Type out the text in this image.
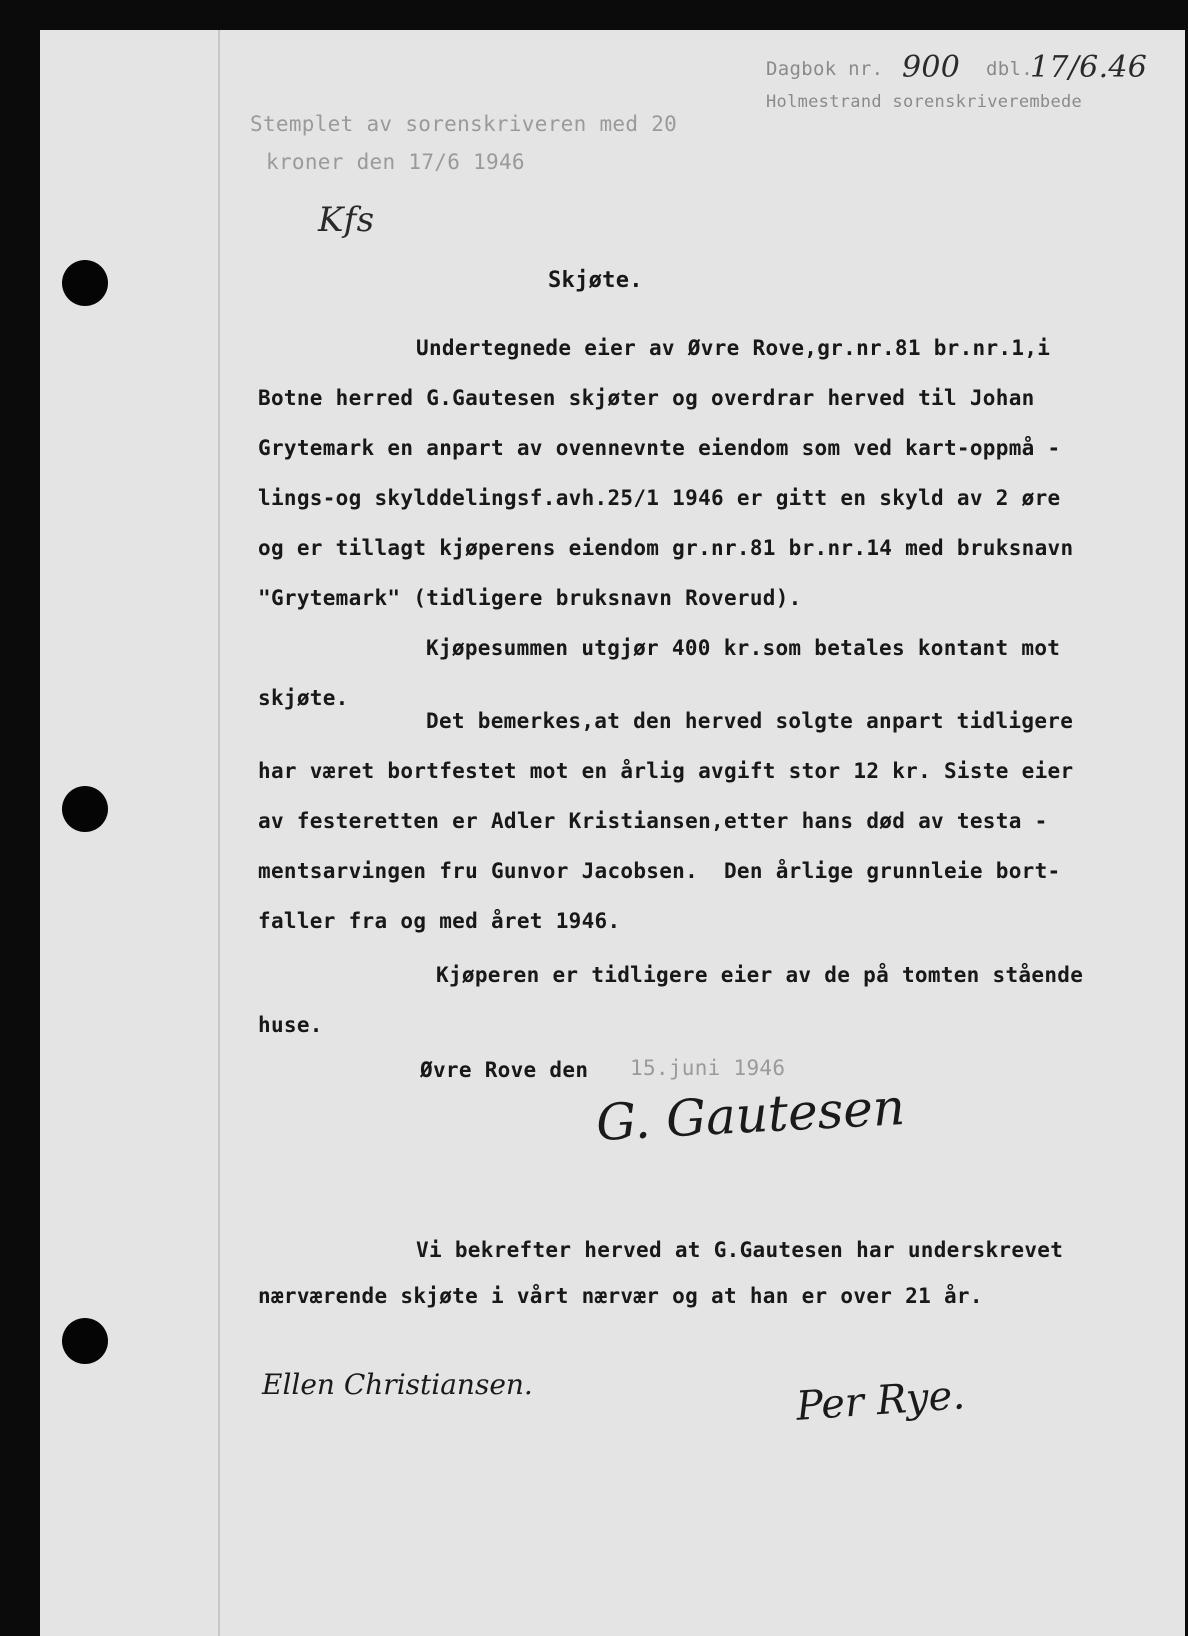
Dagbok nr. 900 dbl.
17/6.46
Holmestrand sorenskriverembede
Stemplet av sorenskriveren med 20
kroner den 17/6 1946
Kfs
Skjøte.
Undertegnede eier av Øvre Rove,gr.nr.81 br.nr.1,i
Botne herred G.Gautesen skjøter og overdrar herved til Johan
Grytemark en anpart av ovennevnte eiendom som ved kart-oppmå -
lings-og skylddelingsf.avh.25/1 1946 er gitt en skyld av 2 øre
og er tillagt kjøperens eiendom gr.nr.81 br.nr.14 med bruksnavn
"Grytemark" (tidligere bruksnavn Roverud).
Kjøpesummen utgjør 400 kr.som betales kontant mot
skjøte.
Det bemerkes,at den herved solgte anpart tidligere
har været bortfestet mot en årlig avgift stor 12 kr. Siste eier
av festeretten er Adler Kristiansen,etter hans død av testa -
mentsarvingen fru Gunvor Jacobsen.  Den årlige grunnleie bort-
faller fra og med året 1946.
Kjøperen er tidligere eier av de på tomten stående
huse.
Øvre Rove den 15.juni 1946
G. Gautesen
Vi bekrefter herved at G.Gautesen har underskrevet
nærværende skjøte i vårt nærvær og at han er over 21 år.
Ellen Christiansen.	Per Rye.
